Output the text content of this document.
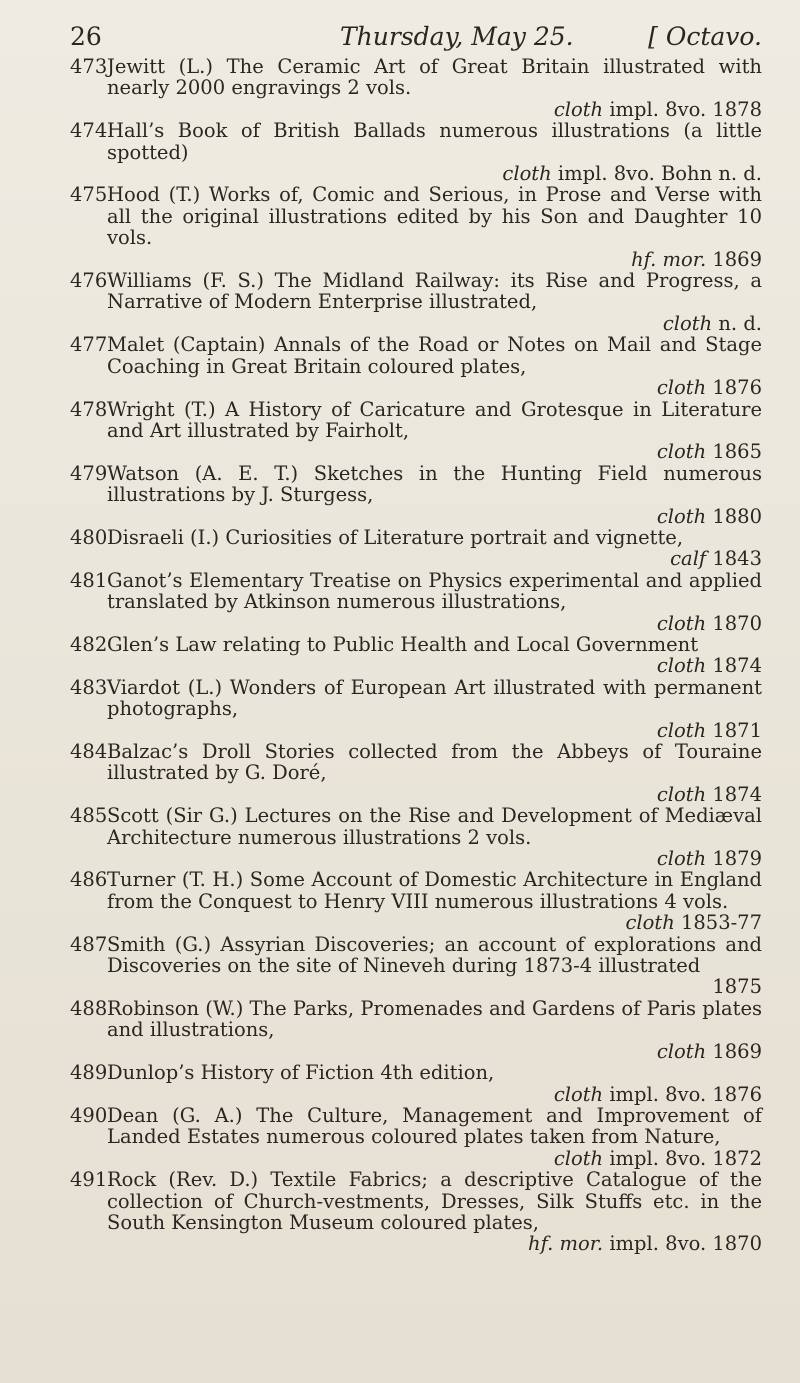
26	Thursday, May 25.	[ Octavo.
473 Jewitt (L.) The Ceramic Art of Great Britain illustrated with nearly 2000 engravings 2 vols.
cloth impl. 8vo. 1878
474 Hall’s Book of British Ballads numerous illustrations (a little spotted)
cloth impl. 8vo. Bohn n. d.
475 Hood (T.) Works of, Comic and Serious, in Prose and Verse with all the original illustrations edited by his Son and Daughter 10 vols.
hf. mor. 1869
476 Williams (F. S.) The Midland Railway: its Rise and Progress, a Narrative of Modern Enterprise illustrated,
cloth n. d.
477 Malet (Captain) Annals of the Road or Notes on Mail and Stage Coaching in Great Britain coloured plates,
cloth 1876
478 Wright (T.) A History of Caricature and Grotesque in Literature and Art illustrated by Fairholt,
cloth 1865
479 Watson (A. E. T.) Sketches in the Hunting Field numerous illustrations by J. Sturgess,
cloth 1880
480 Disraeli (I.) Curiosities of Literature portrait and vignette,
calf 1843
481 Ganot’s Elementary Treatise on Physics experimental and applied translated by Atkinson numerous illustrations,
cloth 1870
482 Glen’s Law relating to Public Health and Local Government
cloth 1874
483 Viardot (L.) Wonders of European Art illustrated with permanent photographs,
cloth 1871
484 Balzac’s Droll Stories collected from the Abbeys of Touraine illustrated by G. Doré,
cloth 1874
485 Scott (Sir G.) Lectures on the Rise and Development of Mediæval Architecture numerous illustrations 2 vols.
cloth 1879
486 Turner (T. H.) Some Account of Domestic Architecture in England from the Conquest to Henry VIII numerous illustrations 4 vols.
cloth 1853-77
487 Smith (G.) Assyrian Discoveries; an account of explorations and Discoveries on the site of Nineveh during 1873-4 illustrated
1875
488 Robinson (W.) The Parks, Promenades and Gardens of Paris plates and illustrations,
cloth 1869
489 Dunlop’s History of Fiction 4th edition,
cloth impl. 8vo. 1876
490 Dean (G. A.) The Culture, Management and Improvement of Landed Estates numerous coloured plates taken from Nature,
cloth impl. 8vo. 1872
491 Rock (Rev. D.) Textile Fabrics; a descriptive Catalogue of the collection of Church-vestments, Dresses, Silk Stuffs etc. in the South Kensington Museum coloured plates,
hf. mor. impl. 8vo. 1870
